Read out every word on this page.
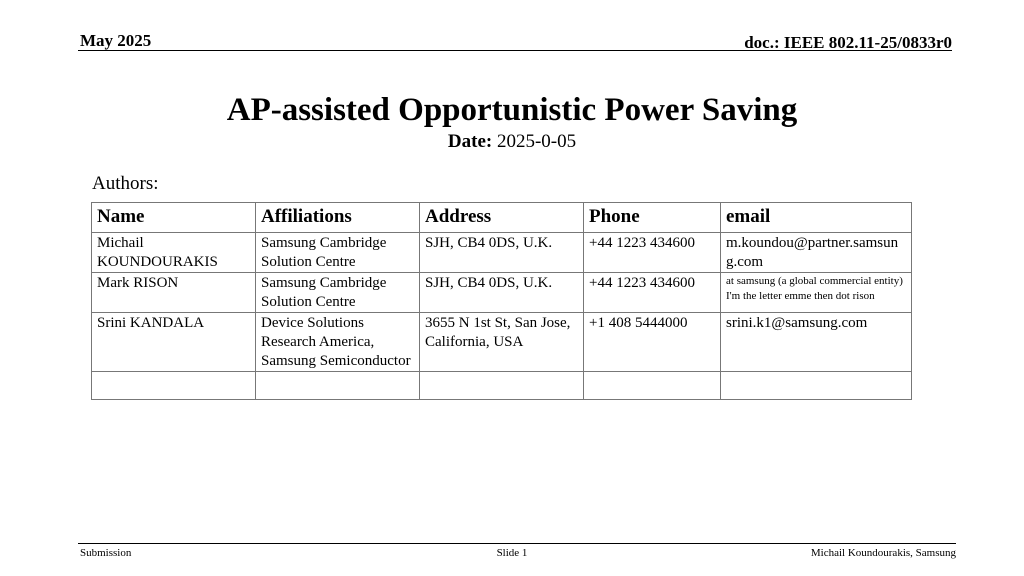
May 2025	doc.: IEEE 802.11-25/0833r0
AP-assisted Opportunistic Power Saving
Date: 2025-0-05
Authors:
Name	Affiliations	Address	Phone	email
Michail KOUNDOURAKIS	Samsung Cambridge Solution Centre	SJH, CB4 0DS, U.K.	+44 1223 434600	m.koundou@partner.samsung.com
Mark RISON	Samsung Cambridge Solution Centre	SJH, CB4 0DS, U.K.	+44 1223 434600	at samsung (a global commercial entity) I'm the letter emme then dot rison
Srini KANDALA	Device Solutions Research America, Samsung Semiconductor	3655 N 1st St, San Jose, California, USA	+1 408 5444000	srini.k1@samsung.com

Submission	Slide 1	Michail Koundourakis, Samsung
